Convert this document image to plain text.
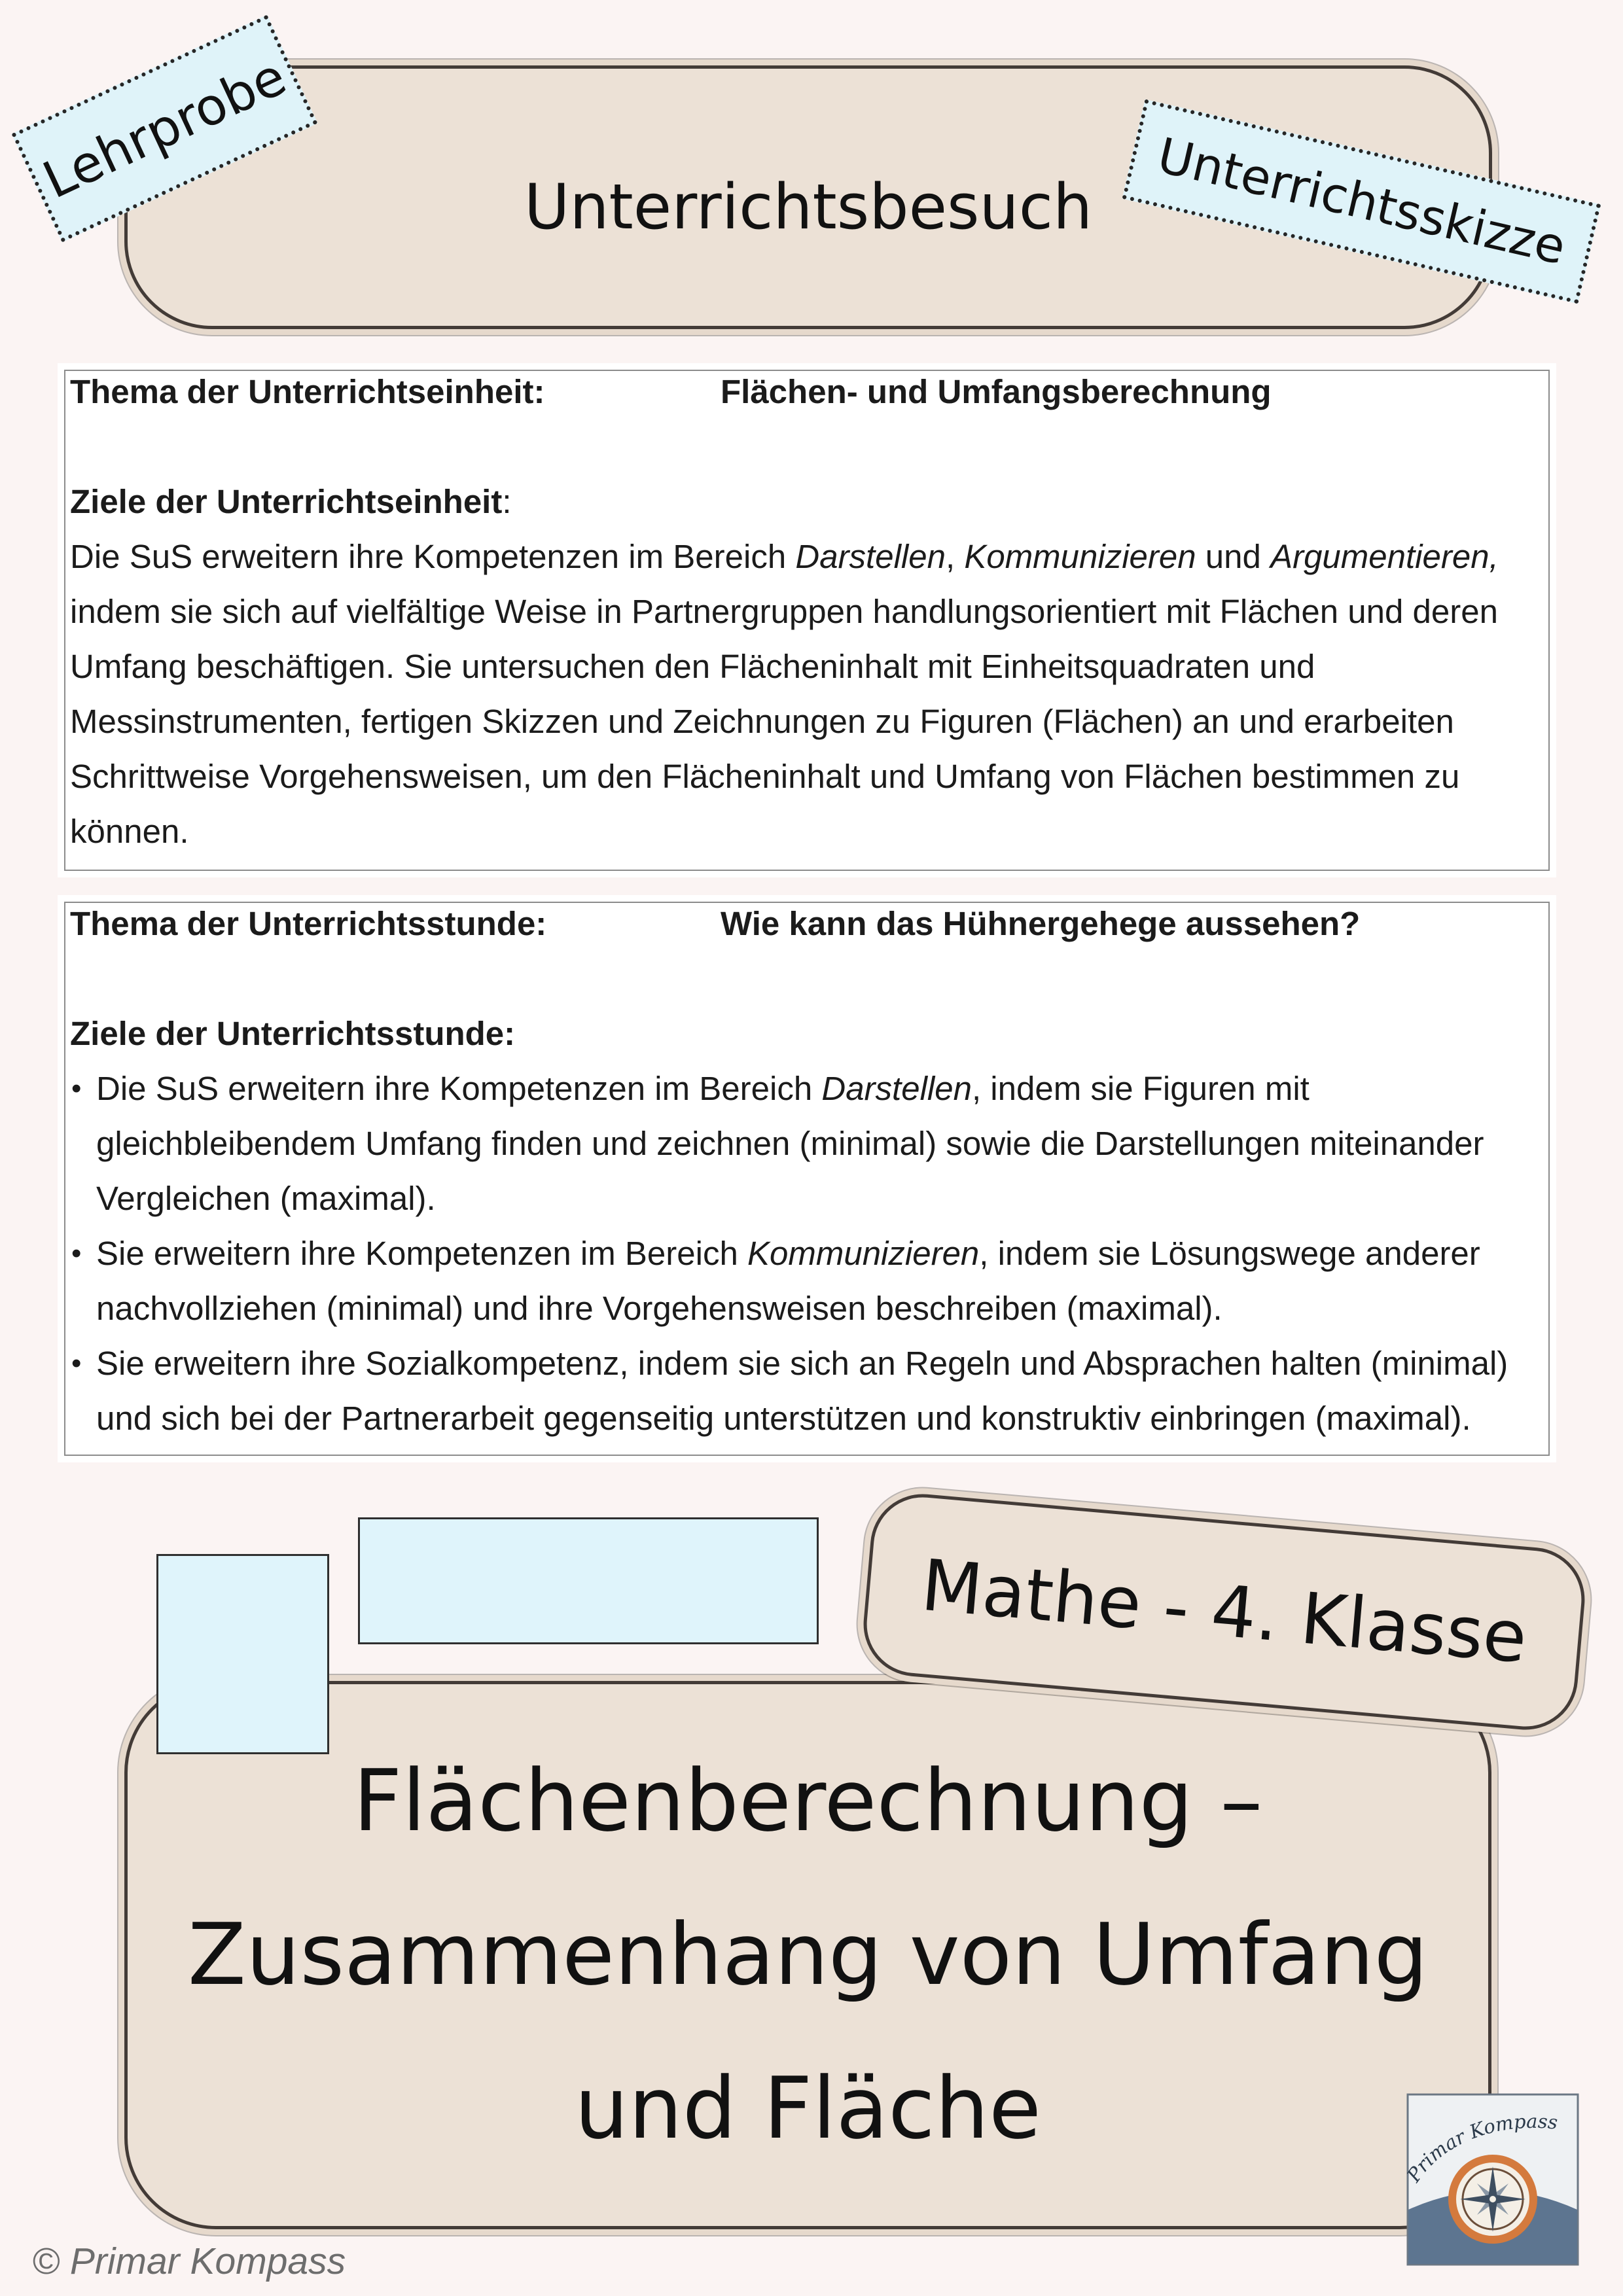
Unterrichtsbesuch
Lehrprobe	Unterrichtsskizze
Thema der Unterrichtseinheit:	Flächen- und Umfangsberechnung
Ziele der Unterrichtseinheit:
Die SuS erweitern ihre Kompetenzen im Bereich Darstellen, Kommunizieren und Argumentieren,
indem sie sich auf vielfältige Weise in Partnergruppen handlungsorientiert mit Flächen und deren
Umfang beschäftigen. Sie untersuchen den Flächeninhalt mit Einheitsquadraten und
Messinstrumenten, fertigen Skizzen und Zeichnungen zu Figuren (Flächen) an und erarbeiten
Schrittweise Vorgehensweisen, um den Flächeninhalt und Umfang von Flächen bestimmen zu
können.
Thema der Unterrichtsstunde:	Wie kann das Hühnergehege aussehen?
Ziele der Unterrichtsstunde:
• Die SuS erweitern ihre Kompetenzen im Bereich Darstellen, indem sie Figuren mit
gleichbleibendem Umfang finden und zeichnen (minimal) sowie die Darstellungen miteinander
Vergleichen (maximal).
• Sie erweitern ihre Kompetenzen im Bereich Kommunizieren, indem sie Lösungswege anderer
nachvollziehen (minimal) und ihre Vorgehensweisen beschreiben (maximal).
• Sie erweitern ihre Sozialkompetenz, indem sie sich an Regeln und Absprachen halten (minimal)
und sich bei der Partnerarbeit gegenseitig unterstützen und konstruktiv einbringen (maximal).
Mathe - 4. Klasse
Flächenberechnung –
Zusammenhang von Umfang
und Fläche
rimar Kompass
© Primar Kompass
